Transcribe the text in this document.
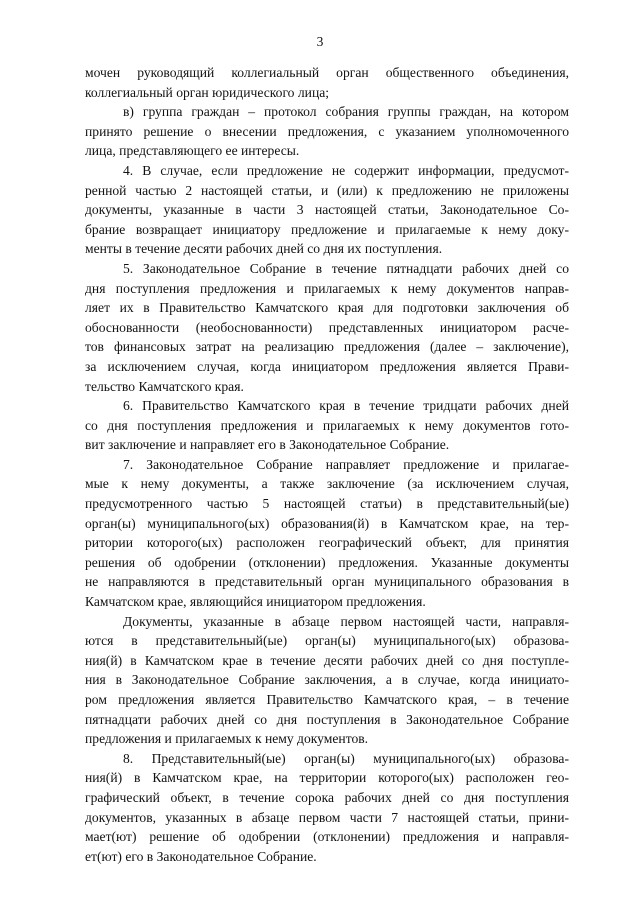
3
мочен руководящий коллегиальный орган общественного объединения,
коллегиальный орган юридического лица;
в) группа граждан – протокол собрания группы граждан, на котором
принято решение о внесении предложения, с указанием уполномоченного
лица, представляющего ее интересы.
4. В случае, если предложение не содержит информации, предусмот-
ренной частью 2 настоящей статьи, и (или) к предложению не приложены
документы, указанные в части 3 настоящей статьи, Законодательное Со-
брание возвращает инициатору предложение и прилагаемые к нему доку-
менты в течение десяти рабочих дней со дня их поступления.
5. Законодательное Собрание в течение пятнадцати рабочих дней со
дня поступления предложения и прилагаемых к нему документов направ-
ляет их в Правительство Камчатского края для подготовки заключения об
обоснованности (необоснованности) представленных инициатором расче-
тов финансовых затрат на реализацию предложения (далее – заключение),
за исключением случая, когда инициатором предложения является Прави-
тельство Камчатского края.
6. Правительство Камчатского края в течение тридцати рабочих дней
со дня поступления предложения и прилагаемых к нему документов гото-
вит заключение и направляет его в Законодательное Собрание.
7. Законодательное Собрание направляет предложение и прилагае-
мые к нему документы, а также заключение (за исключением случая,
предусмотренного частью 5 настоящей статьи) в представительный(ые)
орган(ы) муниципального(ых) образования(й) в Камчатском крае, на тер-
ритории которого(ых) расположен географический объект, для принятия
решения об одобрении (отклонении) предложения. Указанные документы
не направляются в представительный орган муниципального образования в
Камчатском крае, являющийся инициатором предложения.
Документы, указанные в абзаце первом настоящей части, направля-
ются в представительный(ые) орган(ы) муниципального(ых) образова-
ния(й) в Камчатском крае в течение десяти рабочих дней со дня поступле-
ния в Законодательное Собрание заключения, а в случае, когда инициато-
ром предложения является Правительство Камчатского края, – в течение
пятнадцати рабочих дней со дня поступления в Законодательное Собрание
предложения и прилагаемых к нему документов.
8. Представительный(ые) орган(ы) муниципального(ых) образова-
ния(й) в Камчатском крае, на территории которого(ых) расположен гео-
графический объект, в течение сорока рабочих дней со дня поступления
документов, указанных в абзаце первом части 7 настоящей статьи, прини-
мает(ют) решение об одобрении (отклонении) предложения и направля-
ет(ют) его в Законодательное Собрание.
